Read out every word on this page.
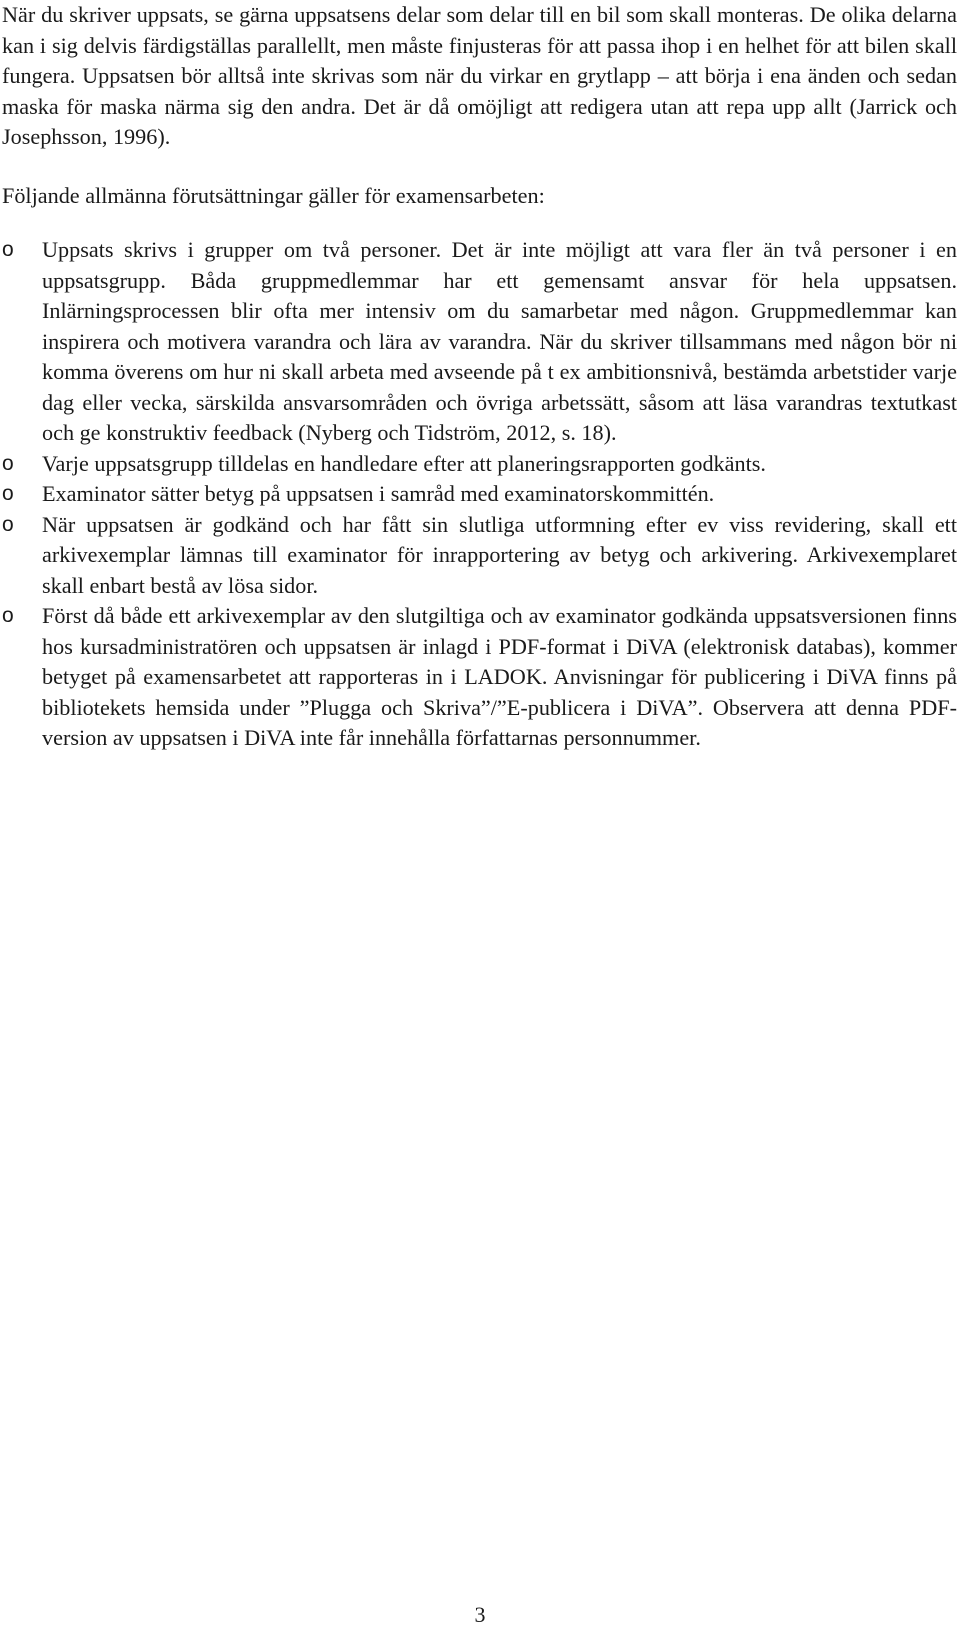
När du skriver uppsats, se gärna uppsatsens delar som delar till en bil som skall monteras. De olika delarna kan i sig delvis färdigställas parallellt, men måste finjusteras för att passa ihop i en helhet för att bilen skall fungera. Uppsatsen bör alltså inte skrivas som när du virkar en grytlapp – att börja i ena änden och sedan maska för maska närma sig den andra. Det är då omöjligt att redigera utan att repa upp allt (Jarrick och Josephsson, 1996).

Följande allmänna förutsättningar gäller för examensarbeten:

o Uppsats skrivs i grupper om två personer. Det är inte möjligt att vara fler än två personer i en uppsatsgrupp. Båda gruppmedlemmar har ett gemensamt ansvar för hela uppsatsen. Inlärningsprocessen blir ofta mer intensiv om du samarbetar med någon. Gruppmedlemmar kan inspirera och motivera varandra och lära av varandra. När du skriver tillsammans med någon bör ni komma överens om hur ni skall arbeta med avseende på t ex ambitionsnivå, bestämda arbetstider varje dag eller vecka, särskilda ansvarsområden och övriga arbetssätt, såsom att läsa varandras textutkast och ge konstruktiv feedback (Nyberg och Tidström, 2012, s. 18).
o Varje uppsatsgrupp tilldelas en handledare efter att planeringsrapporten godkänts.
o Examinator sätter betyg på uppsatsen i samråd med examinatorskommittén.
o När uppsatsen är godkänd och har fått sin slutliga utformning efter ev viss revidering, skall ett arkivexemplar lämnas till examinator för inrapportering av betyg och arkivering. Arkivexemplaret skall enbart bestå av lösa sidor.
o Först då både ett arkivexemplar av den slutgiltiga och av examinator godkända uppsatsversionen finns hos kursadministratören och uppsatsen är inlagd i PDF-format i DiVA (elektronisk databas), kommer betyget på examensarbetet att rapporteras in i LADOK. Anvisningar för publicering i DiVA finns på bibliotekets hemsida under ”Plugga och Skriva”/”E-publicera i DiVA”. Observera att denna PDF-version av uppsatsen i DiVA inte får innehålla författarnas personnummer.
3
